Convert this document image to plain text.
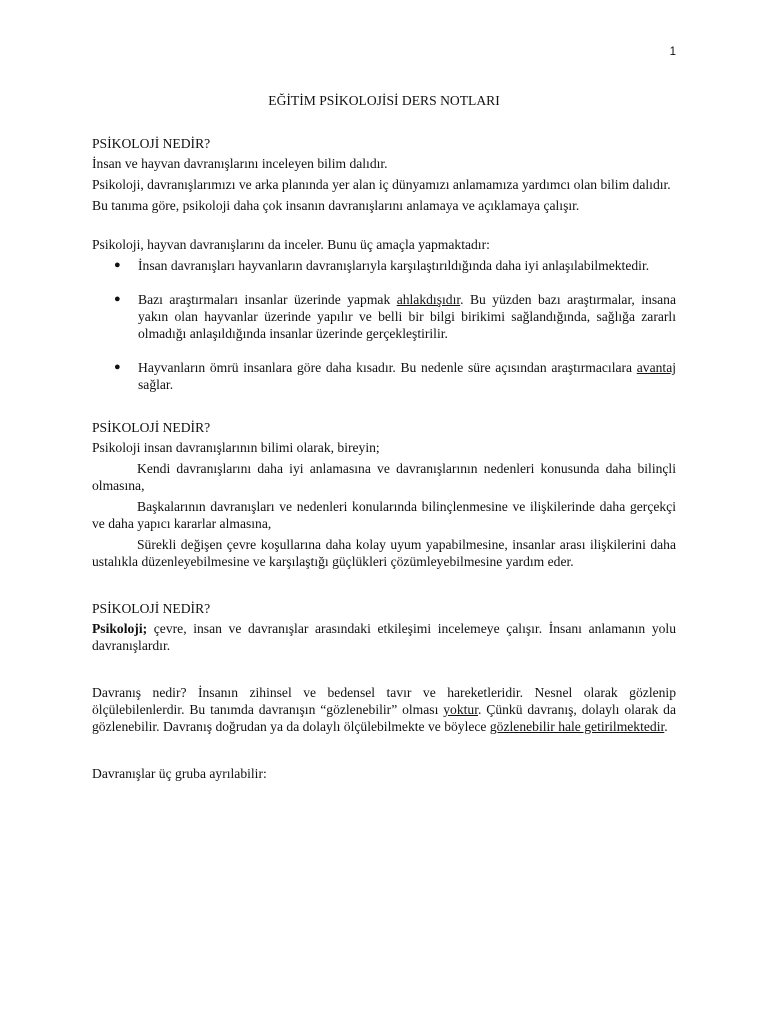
1
EĞİTİM PSİKOLOJİSİ DERS NOTLARI
PSİKOLOJİ NEDİR?

İnsan ve hayvan davranışlarını inceleyen bilim dalıdır.

Psikoloji, davranışlarımızı ve arka planında yer alan iç dünyamızı anlamamıza yardımcı olan bilim dalıdır.

Bu tanıma göre, psikoloji daha çok insanın davranışlarını anlamaya ve açıklamaya çalışır.

Psikoloji, hayvan davranışlarını da inceler. Bunu üç amaçla yapmaktadır:

● İnsan davranışları hayvanların davranışlarıyla karşılaştırıldığında daha iyi anlaşılabilmektedir.
● Bazı araştırmaları insanlar üzerinde yapmak ahlakdışıdır. Bu yüzden bazı araştırmalar, insana yakın olan hayvanlar üzerinde yapılır ve belli bir bilgi birikimi sağlandığında, sağlığa zararlı olmadığı anlaşıldığında insanlar üzerinde gerçekleştirilir.
● Hayvanların ömrü insanlara göre daha kısadır. Bu nedenle süre açısından araştırmacılara avantaj sağlar.
PSİKOLOJİ NEDİR?

Psikoloji insan davranışlarının bilimi olarak, bireyin;

Kendi davranışlarını daha iyi anlamasına ve davranışlarının nedenleri konusunda daha bilinçli olmasına,

Başkalarının davranışları ve nedenleri konularında bilinçlenmesine ve ilişkilerinde daha gerçekçi ve daha yapıcı kararlar almasına,

Sürekli değişen çevre koşullarına daha kolay uyum yapabilmesine, insanlar arası ilişkilerini daha ustalıkla düzenleyebilmesine ve karşılaştığı güçlükleri çözümleyebilmesine yardım eder.

PSİKOLOJİ NEDİR?

Psikoloji; çevre, insan ve davranışlar arasındaki etkileşimi incelemeye çalışır. İnsanı anlamanın yolu davranışlardır.

Davranış nedir? İnsanın zihinsel ve bedensel tavır ve hareketleridir. Nesnel olarak gözlenip ölçülebilenlerdir. Bu tanımda davranışın “gözlenebilir” olması yoktur. Çünkü davranış, dolaylı olarak da gözlenebilir. Davranış doğrudan ya da dolaylı ölçülebilmekte ve böylece gözlenebilir hale getirilmektedir.

Davranışlar üç gruba ayrılabilir:
